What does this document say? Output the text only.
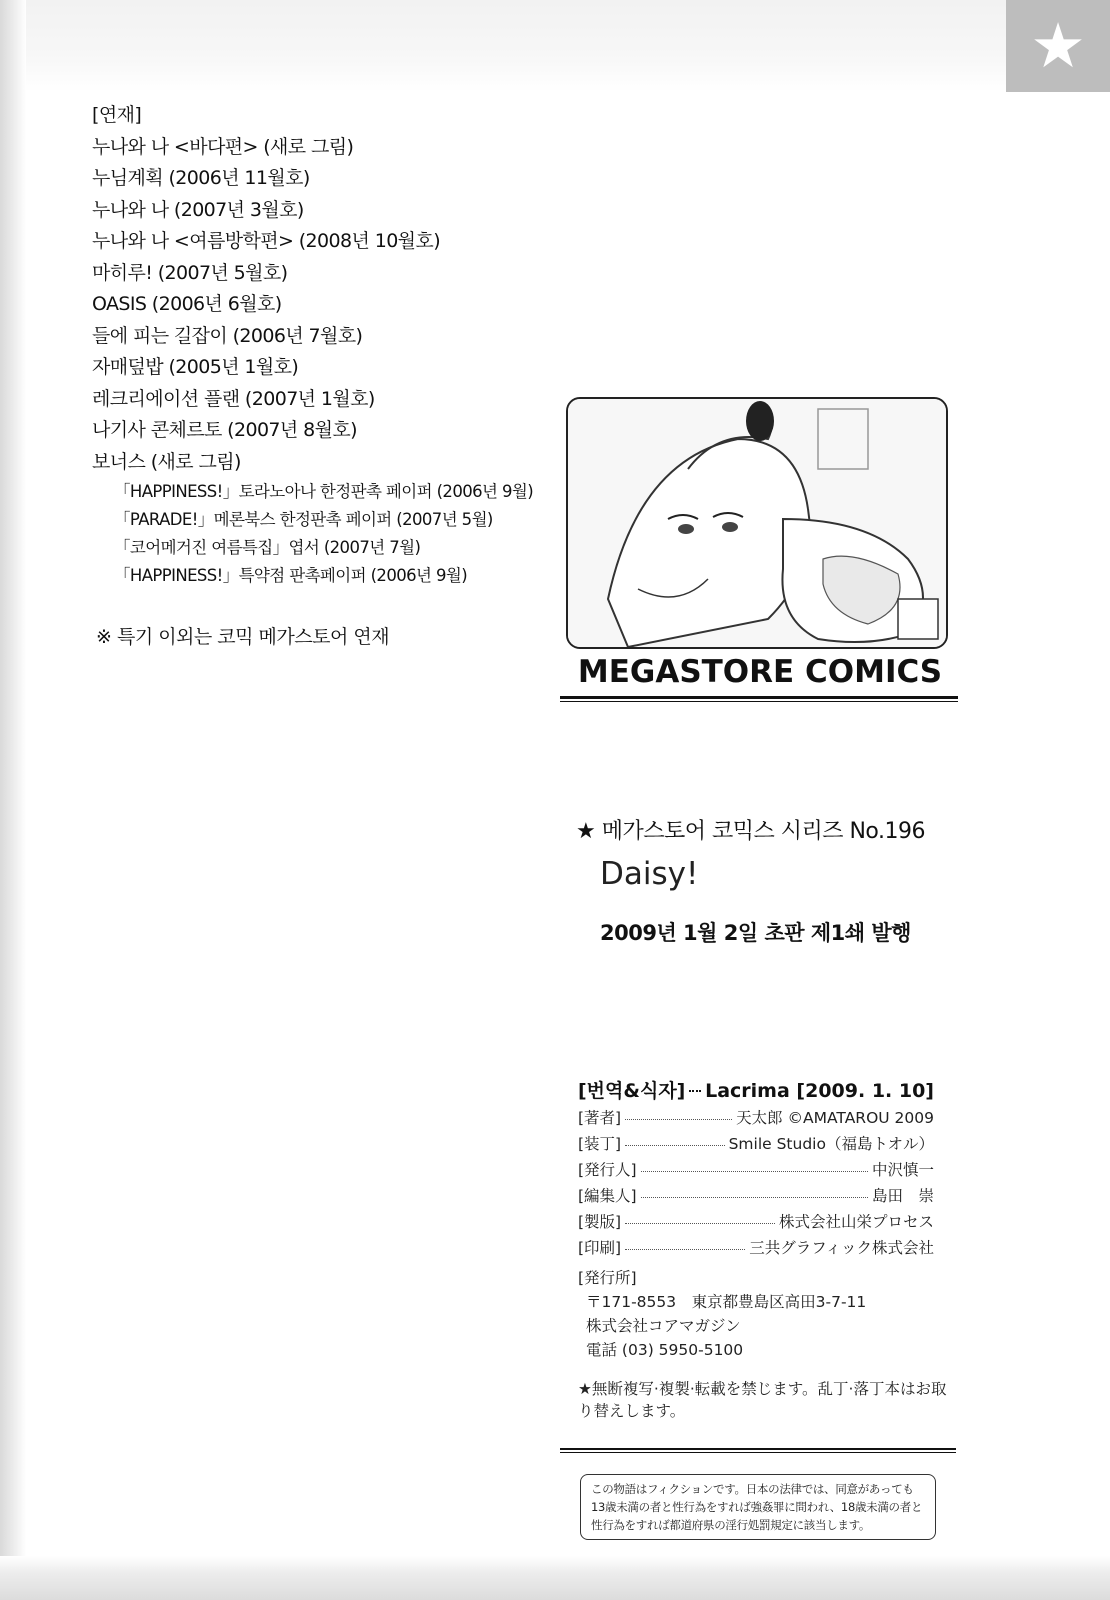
★
[연재]
누나와 나 <바다편> (새로 그림)
누님계획 (2006년 11월호)
누나와 나 (2007년 3월호)
누나와 나 <여름방학편> (2008년 10월호)
마히루! (2007년 5월호)
OASIS (2006년 6월호)
들에 피는 길잡이 (2006년 7월호)
자매덮밥 (2005년 1월호)
레크리에이션 플랜 (2007년 1월호)
나기사 콘체르토 (2007년 8월호)
보너스 (새로 그림)
「HAPPINESS!」토라노아나 한정판촉 페이퍼 (2006년 9월)
「PARADE!」메론북스 한정판촉 페이퍼 (2007년 5월)
「코어메거진 여름특집」엽서 (2007년 7월)
「HAPPINESS!」특약점 판촉페이퍼 (2006년 9월)
※ 특기 이외는 코믹 메가스토어 연재
MEGASTORE COMICS
★ 메가스토어 코믹스 시리즈 No.196
Daisy!
2009년 1월 2일 초판 제1쇄 발행
[번역&식자] Lacrima [2009. 1. 10]
[著者]	天太郎 ©AMATAROU 2009
[装丁]	Smile Studio（福島トオル）
[発行人]	中沢慎一
[編集人]	島田　崇
[製版]	株式会社山栄プロセス
[印刷]	三共グラフィック株式会社
[発行所]
〒171-8553　東京都豊島区高田3-7-11
株式会社コアマガジン
電話 (03) 5950-5100
★無断複写·複製·転載を禁じます。乱丁·落丁本はお取り替えします。
この物語はフィクションです。日本の法律では、同意があっても13歳未満の者と性行為をすれば強姦罪に問われ、18歳未満の者と性行為をすれば都道府県の淫行処罰規定に該当します。
